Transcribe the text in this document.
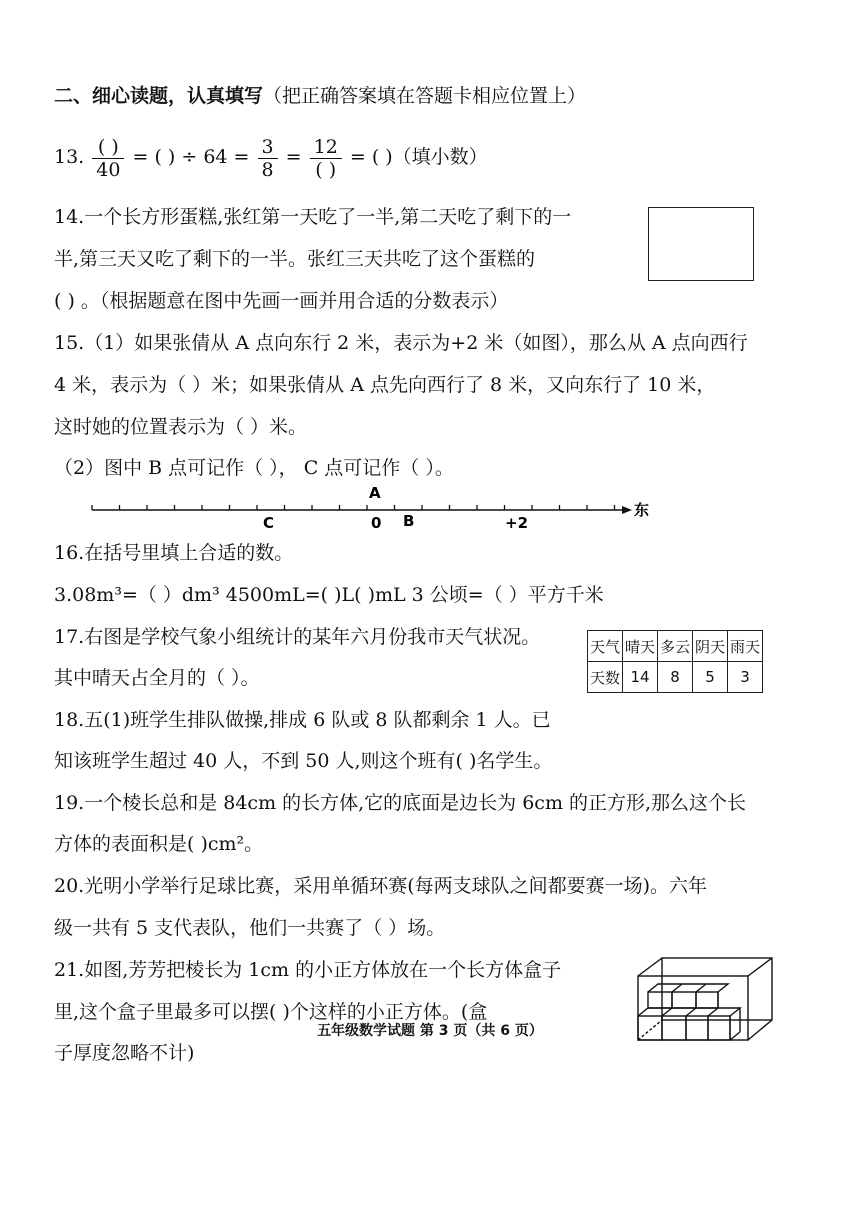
二、细心读题，认真填写（把正确答案填在答题卡相应位置上）
13. $\frac{( )}{40}$ = ( ) ÷ $64 = \frac{3}{8} = \frac{12}{( )}$ = ( )（填小数）
14.一个长方形蛋糕,张红第一天吃了一半,第二天吃了剩下的一
半,第三天又吃了剩下的一半。张红三天共吃了这个蛋糕的
( ) 。（根据题意在图中先画一画并用合适的分数表示）
15.（1）如果张倩从 A 点向东行 2 米，表示为+2 米（如图），那么从 A 点向西行
4 米，表示为（ ）米；如果张倩从 A 点先向西行了 8 米，又向东行了 10 米，
这时她的位置表示为（ ）米。
（2）图中 B 点可记作（ ）， C 点可记作（ ）。
A
C	0 B	+2
东
16.在括号里填上合适的数。
3.08m³=（ ）dm³ 4500mL=( )L( )mL 3 公顷=（ ）平方千米
17.右图是学校气象小组统计的某年六月份我市天气状况。
其中晴天占全月的（ ）。
天气	晴天	多云	阴天	雨天
天数	14	8	5	3
18.五(1)班学生排队做操,排成 6 队或 8 队都剩余 1 人。已
知该班学生超过 40 人，不到 50 人,则这个班有( )名学生。
19.一个棱长总和是 84cm 的长方体,它的底面是边长为 6cm 的正方形,那么这个长
方体的表面积是( )cm²。
20.光明小学举行足球比赛，采用单循环赛(每两支球队之间都要赛一场)。六年
级一共有 5 支代表队，他们一共赛了（ ）场。
21.如图,芳芳把棱长为 1cm 的小正方体放在一个长方体盒子
里,这个盒子里最多可以摆( )个这样的小正方体。(盒
子厚度忽略不计)
五年级数学试题 第 3 页（共 6 页）
